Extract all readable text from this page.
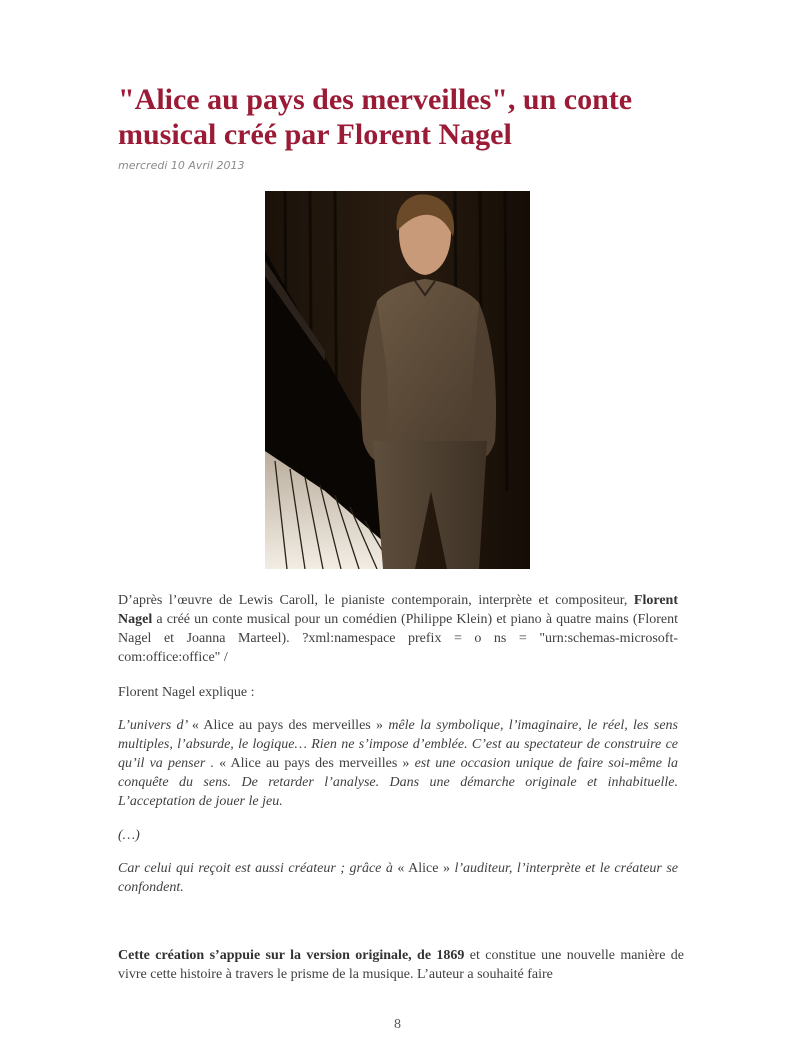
"Alice au pays des merveilles", un conte musical créé par Florent Nagel

mercredi 10 Avril 2013

D’après l’œuvre de Lewis Caroll, le pianiste contemporain, interprète et compositeur, Florent Nagel a créé un conte musical pour un comédien (Philippe Klein) et piano à quatre mains (Florent Nagel et Joanna Marteel). ?xml:namespace prefix = o ns = "urn:schemas-microsoft-com:office:office" /

Florent Nagel explique :

L’univers d’ « Alice au pays des merveilles » mêle la symbolique, l’imaginaire, le réel, les sens multiples, l’absurde, le logique… Rien ne s’impose d’emblée. C’est au spectateur de construire ce qu’il va penser . « Alice au pays des merveilles » est une occasion unique de faire soi-même la conquête du sens. De retarder l’analyse. Dans une démarche originale et inhabituelle. L’acceptation de jouer le jeu.

(…)

Car celui qui reçoit est aussi créateur ; grâce à « Alice » l’auditeur, l’interprète et le créateur se confondent.

Cette création s’appuie sur la version originale, de 1869 et constitue une nouvelle manière de vivre cette histoire à travers le prisme de la musique. L’auteur a souhaité faire

8
